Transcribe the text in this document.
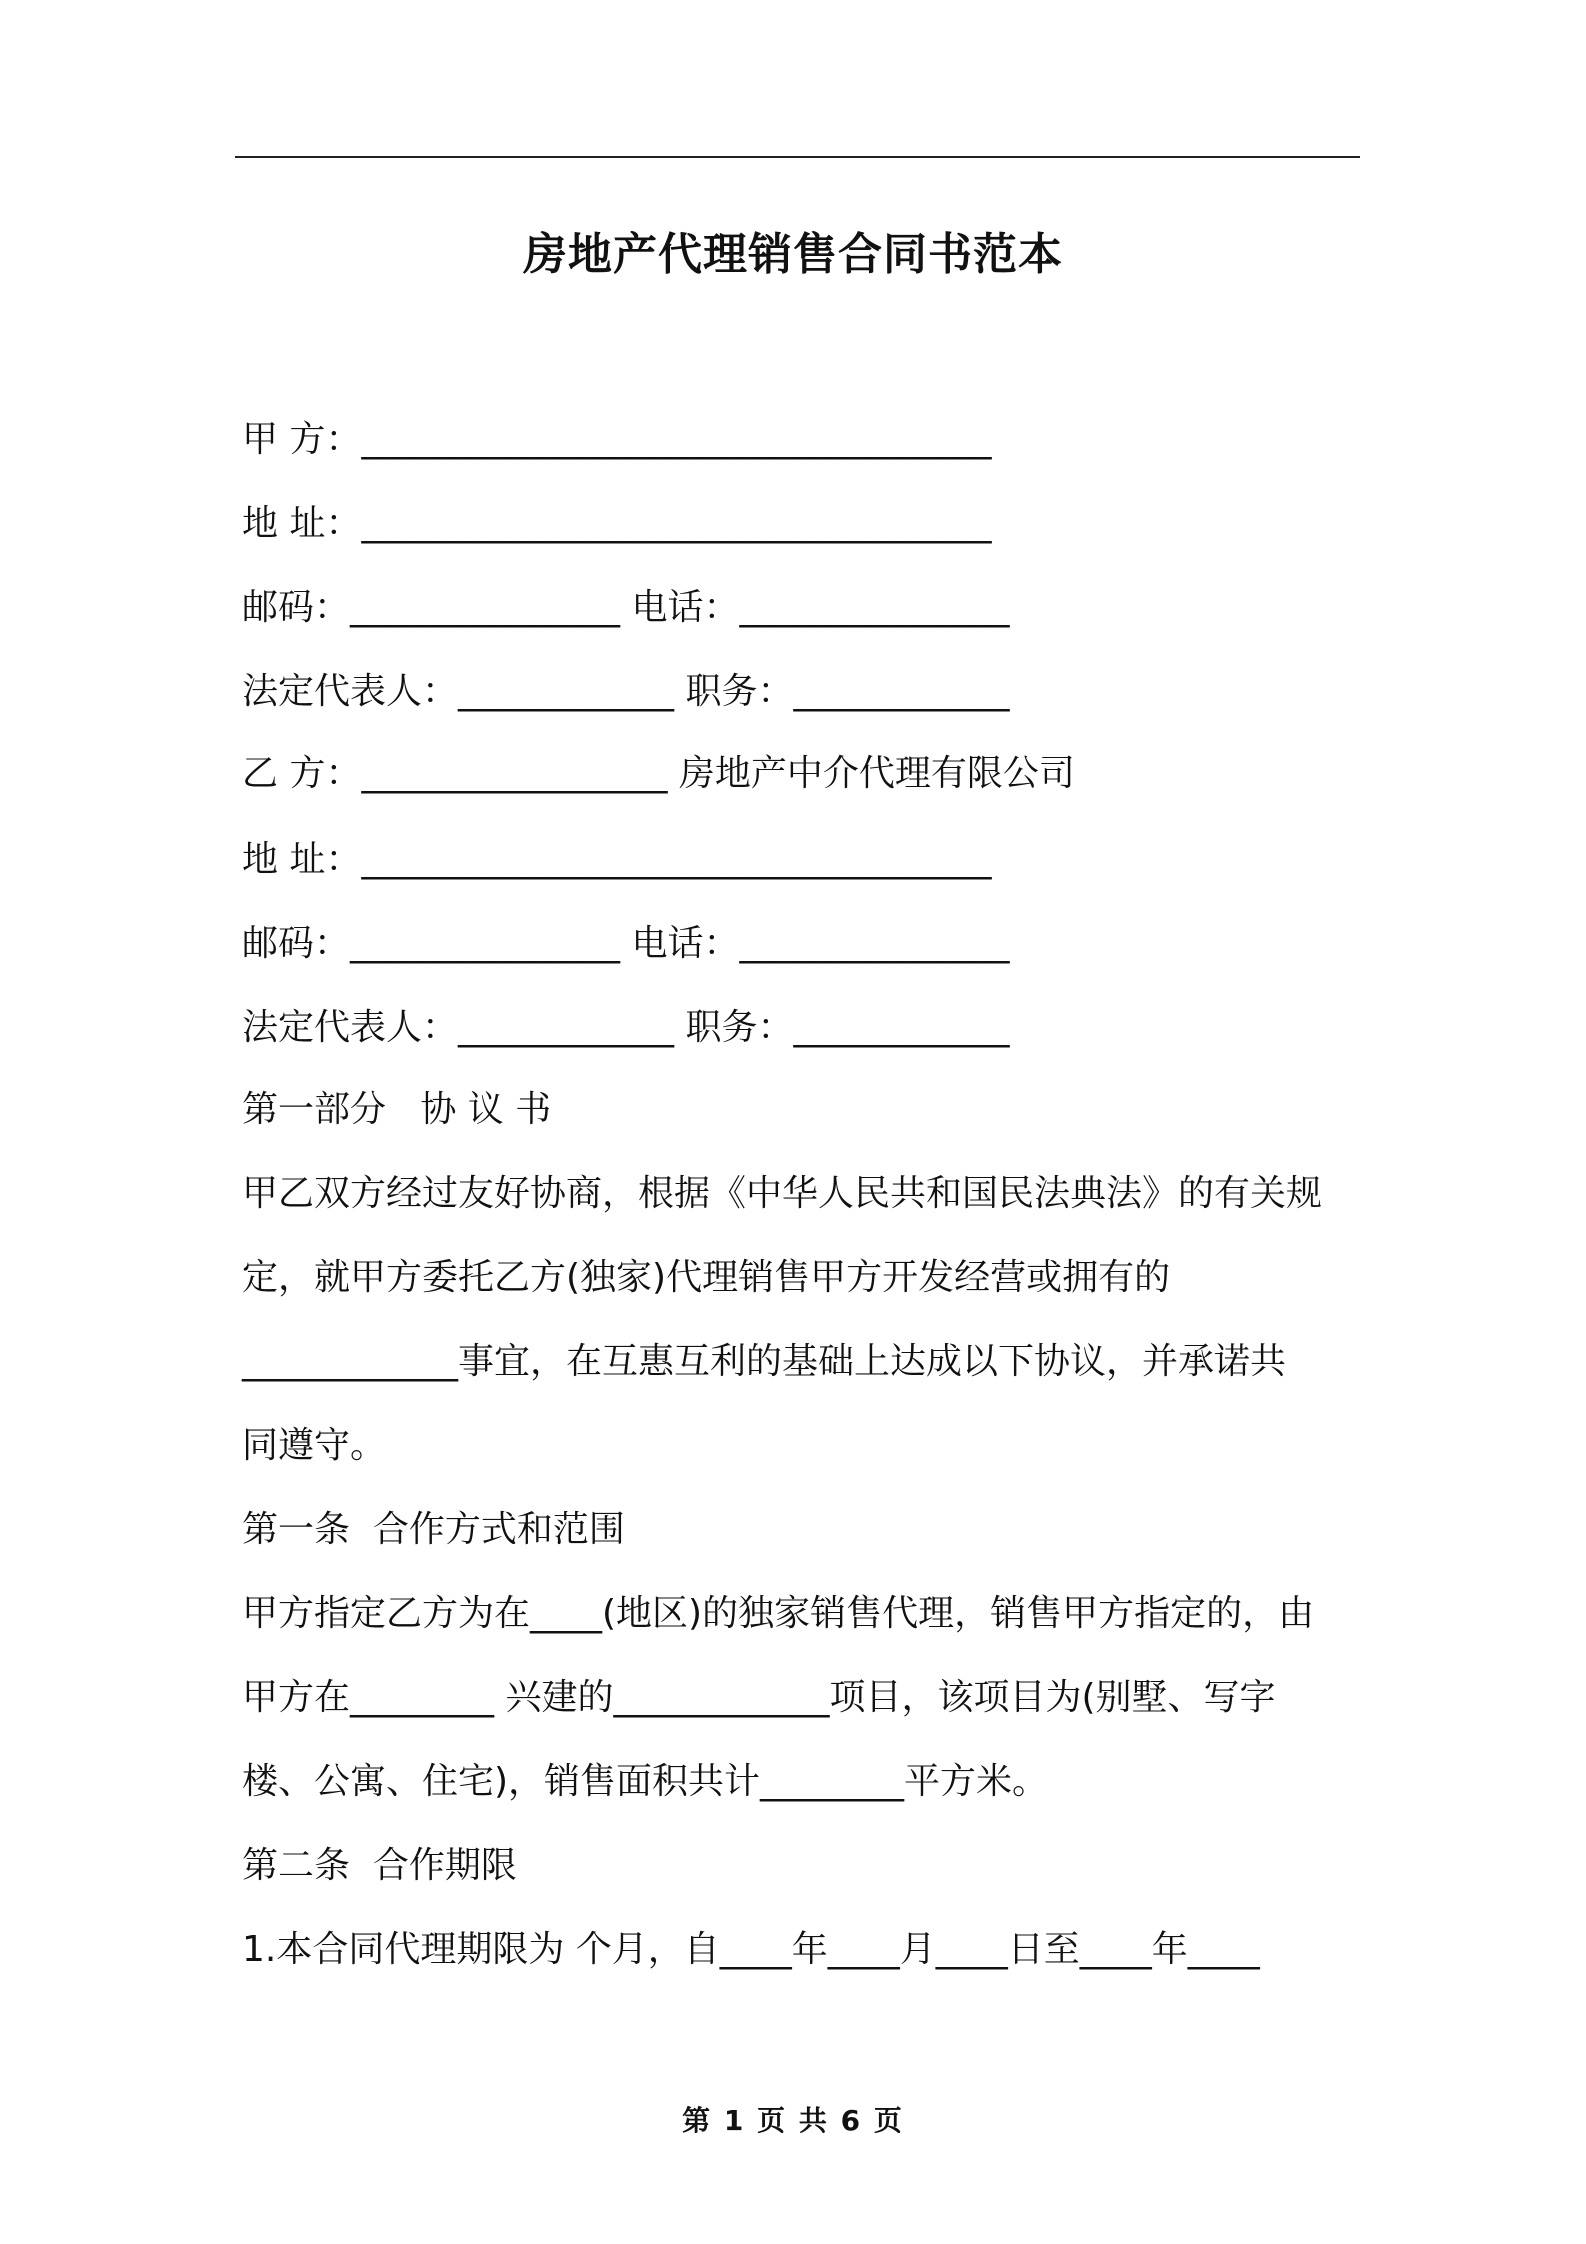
房地产代理销售合同书范本
甲 方：___________________________________
地 址：___________________________________
邮码：_______________ 电话：_______________
法定代表人：____________ 职务：____________
乙 方：_________________ 房地产中介代理有限公司
地 址：___________________________________
邮码：_______________ 电话：_______________
法定代表人：____________ 职务：____________
第一部分   协 议 书
甲乙双方经过友好协商，根据《中华人民共和国民法典法》的有关规
定，就甲方委托乙方(独家)代理销售甲方开发经营或拥有的
____________事宜，在互惠互利的基础上达成以下协议，并承诺共
同遵守。
第一条  合作方式和范围
甲方指定乙方为在____(地区)的独家销售代理，销售甲方指定的，由
甲方在________ 兴建的____________项目，该项目为(别墅、写字
楼、公寓、住宅)，销售面积共计________平方米。
第二条  合作期限
1.本合同代理期限为 个月，自____年____月____日至____年____
第 1 页 共 6 页
